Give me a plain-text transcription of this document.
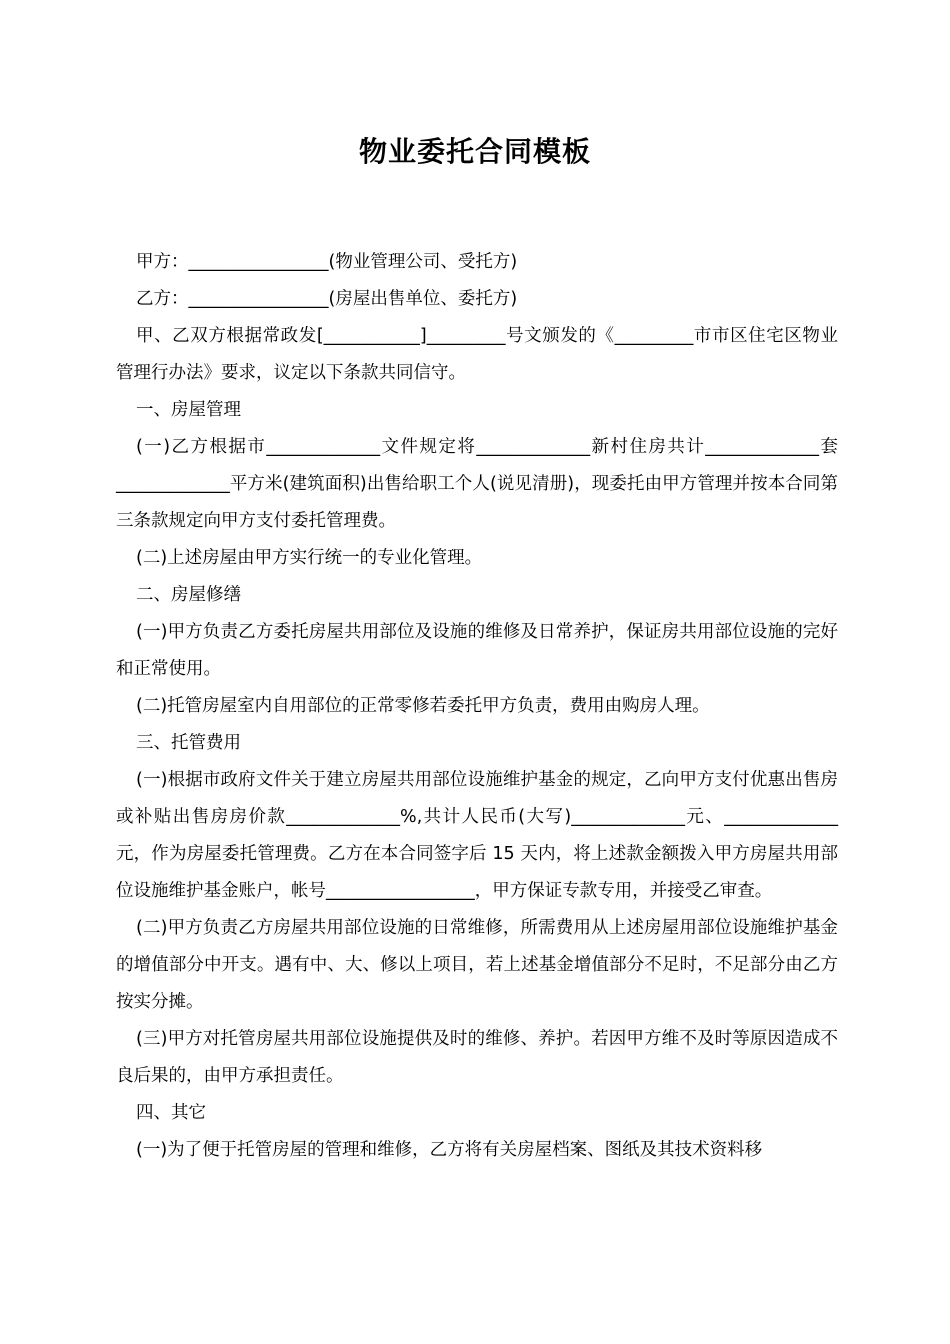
物业委托合同模板

甲方：________________(物业管理公司、受托方)

乙方：________________(房屋出售单位、委托方)

甲、乙双方根据常政发[___________]_________号文颁发的《_________市市区住宅区物业管理行办法》要求，议定以下条款共同信守。

一、房屋管理

(一)乙方根据市_____________文件规定将_____________新村住房共计_____________套_____________平方米(建筑面积)出售给职工个人(说见清册)，现委托由甲方管理并按本合同第三条款规定向甲方支付委托管理费。

(二)上述房屋由甲方实行统一的专业化管理。

二、房屋修缮

(一)甲方负责乙方委托房屋共用部位及设施的维修及日常养护，保证房共用部位设施的完好和正常使用。

(二)托管房屋室内自用部位的正常零修若委托甲方负责，费用由购房人理。

三、托管费用

(一)根据市政府文件关于建立房屋共用部位设施维护基金的规定，乙向甲方支付优惠出售房或补贴出售房房价款_____________%,共计人民币(大写)_____________元、_____________元，作为房屋委托管理费。乙方在本合同签字后 15 天内，将上述款金额拨入甲方房屋共用部位设施维护基金账户，帐号_________________，甲方保证专款专用，并接受乙审查。

(二)甲方负责乙方房屋共用部位设施的日常维修，所需费用从上述房屋用部位设施维护基金的增值部分中开支。遇有中、大、修以上项目，若上述基金增值部分不足时，不足部分由乙方按实分摊。

(三)甲方对托管房屋共用部位设施提供及时的维修、养护。若因甲方维不及时等原因造成不良后果的，由甲方承担责任。

四、其它

(一)为了便于托管房屋的管理和维修，乙方将有关房屋档案、图纸及其技术资料移
